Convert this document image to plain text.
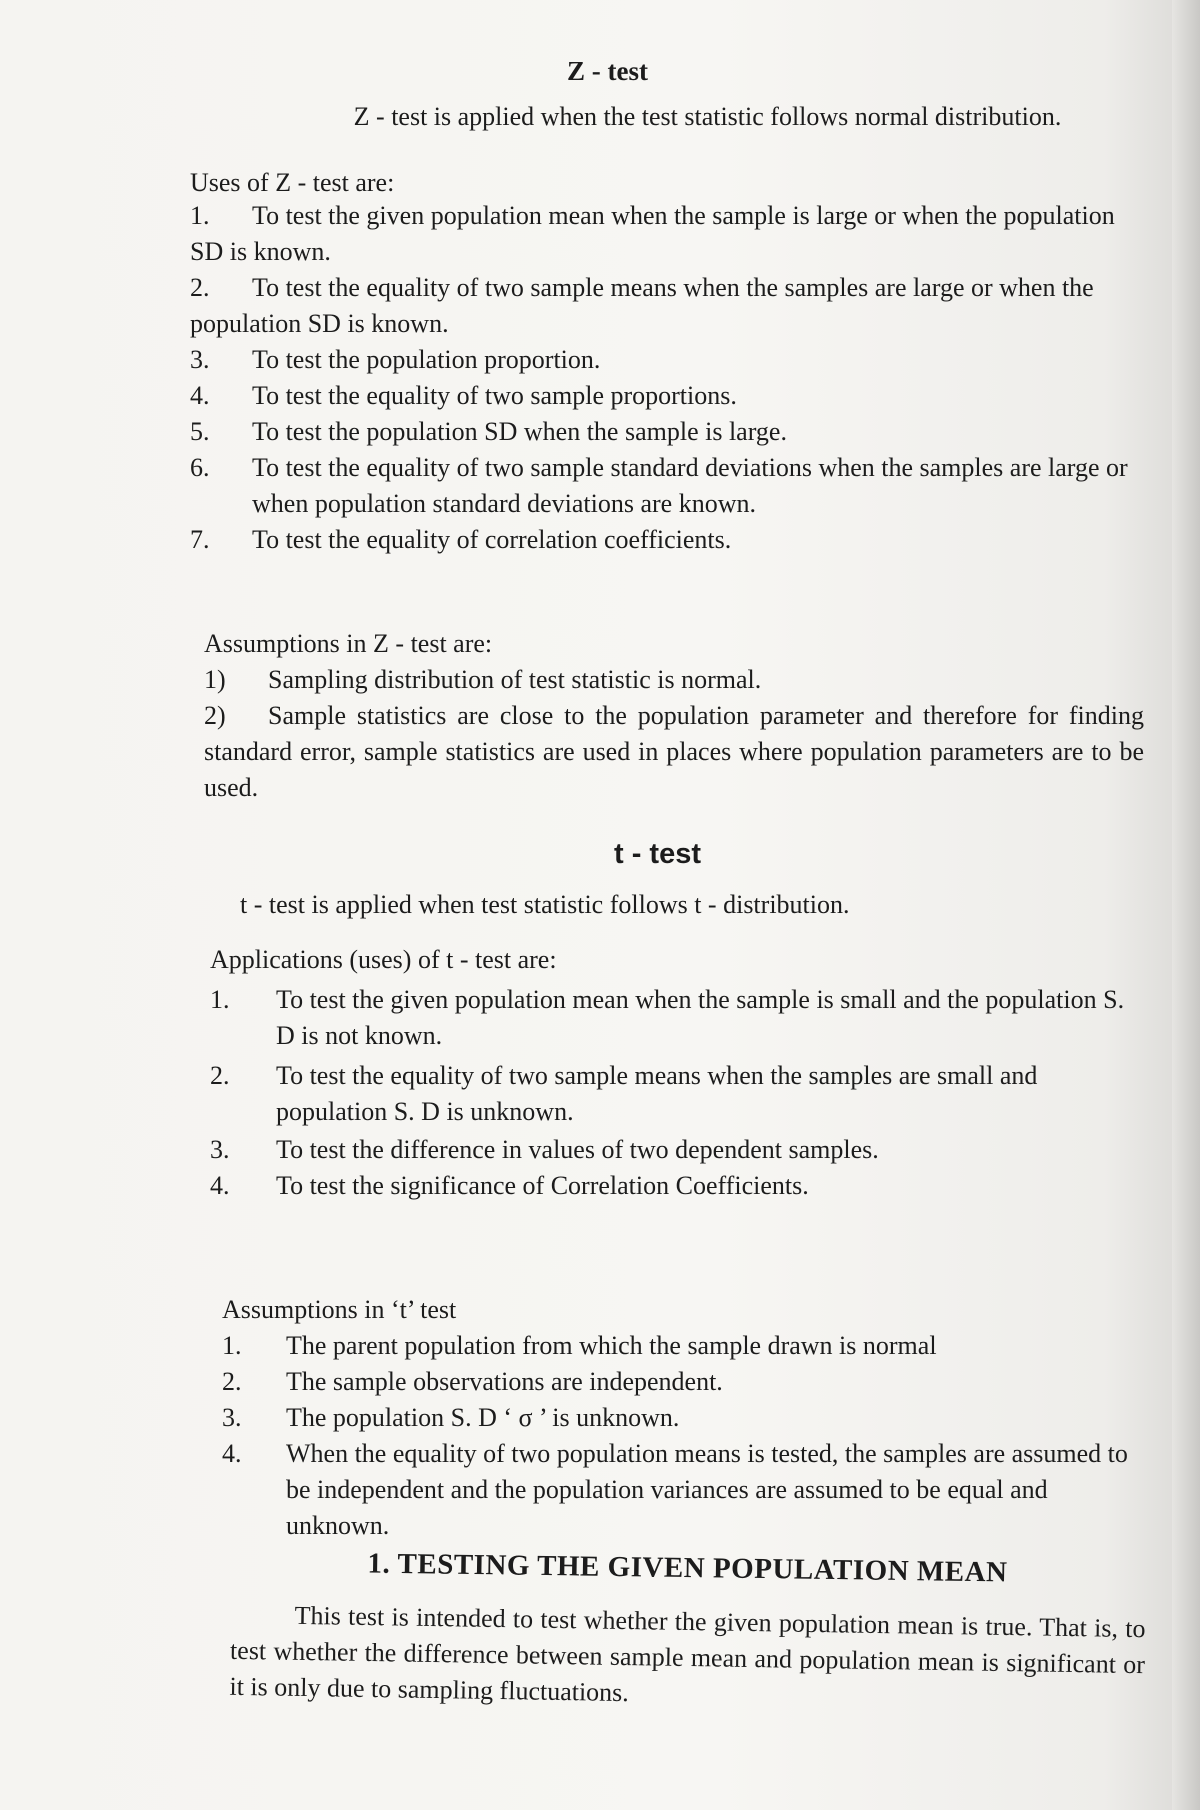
Z - test

Z - test is applied when the test statistic follows normal distribution.

Uses of Z - test are:

1. To test the given population mean when the sample is large or when the population SD is known.
2. To test the equality of two sample means when the samples are large or when the population SD is known.
3.	To test the population proportion.
4.	To test the equality of two sample proportions.
5.	To test the population SD when the sample is large.
6.	To test the equality of two sample standard deviations when the samples are large or when population standard deviations are known.
7.	To test the equality of correlation coefficients.

Assumptions in Z - test are:

1)	Sampling distribution of test statistic is normal.
2) Sample statistics are close to the population parameter and therefore for finding standard error, sample statistics are used in places where population parameters are to be used.

t - test

t - test is applied when test statistic follows t - distribution.

Applications (uses) of t - test are:

1.	To test the given population mean when the sample is small and the population S. D is not known.
2.	To test the equality of two sample means when the samples are small and population S. D is unknown.
3.	To test the difference in values of two dependent samples.
4.	To test the significance of Correlation Coefficients.

Assumptions in ‘t’ test

1.	The parent population from which the sample drawn is normal
2.	The sample observations are independent.
3.	The population S. D ‘ σ ’ is unknown.
4.	When the equality of two population means is tested, the samples are assumed to be independent and the population variances are assumed to be equal and unknown.

1. TESTING THE GIVEN POPULATION MEAN

This test is intended to test whether the given population mean is true. That is, to test whether the difference between sample mean and population mean is significant or it is only due to sampling fluctuations.
